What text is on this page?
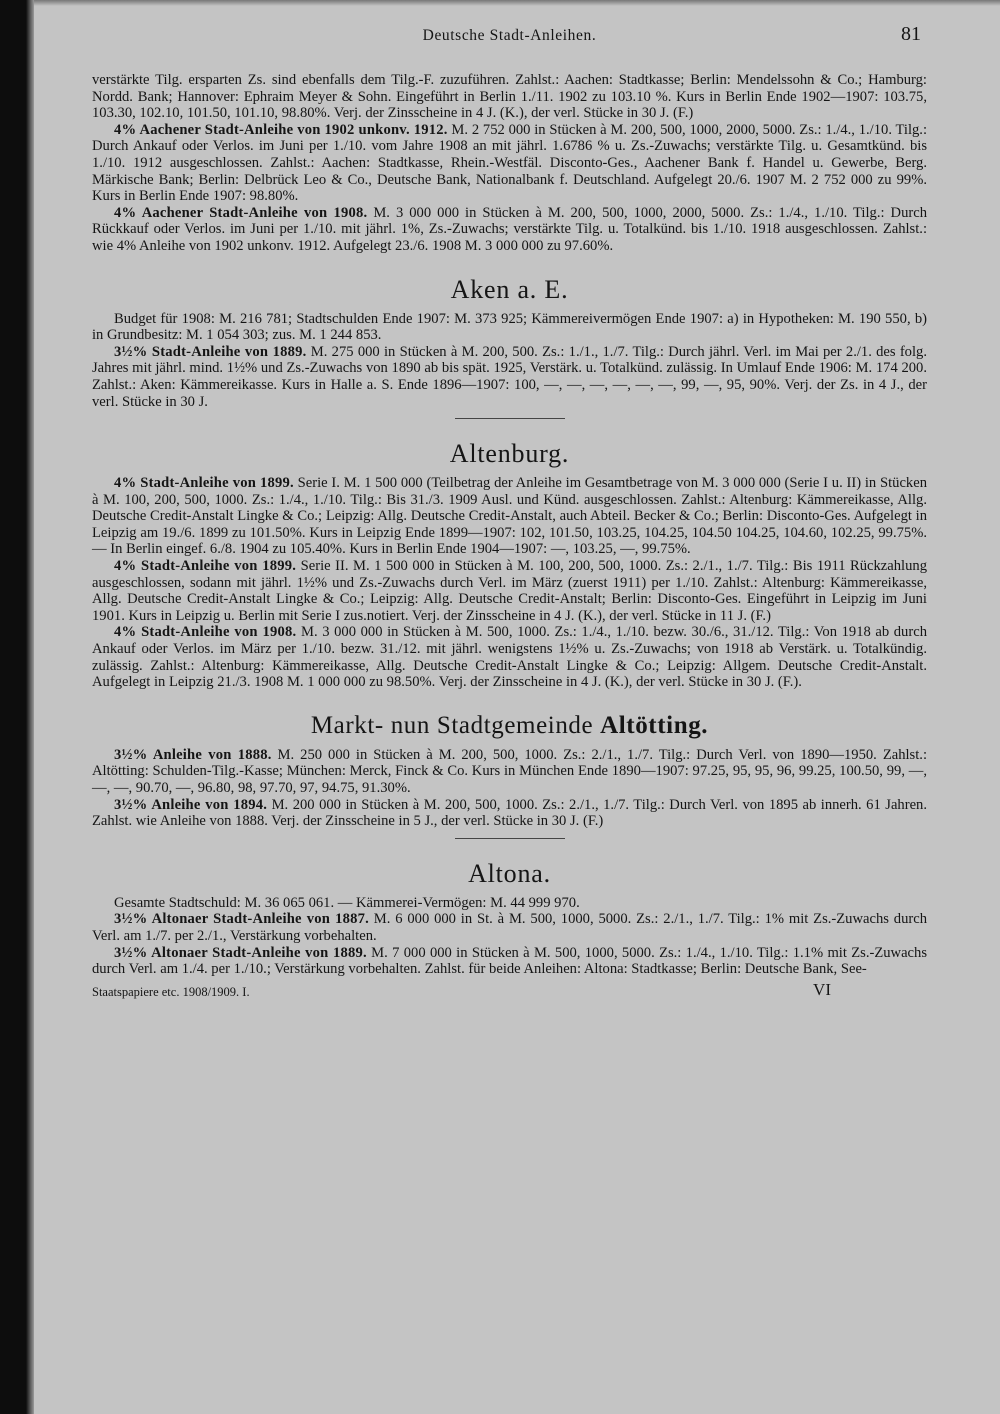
Deutsche Stadt-Anleihen.	81

verstärkte Tilg. ersparten Zs. sind ebenfalls dem Tilg.-F. zuzuführen. Zahlst.: Aachen: Stadtkasse; Berlin: Mendelssohn & Co.; Hamburg: Nordd. Bank; Hannover: Ephraim Meyer & Sohn. Eingeführt in Berlin 1./11. 1902 zu 103.10 %. Kurs in Berlin Ende 1902—1907: 103.75, 103.30, 102.10, 101.50, 101.10, 98.80%. Verj. der Zinsscheine in 4 J. (K.), der verl. Stücke in 30 J. (F.)

4% Aachener Stadt-Anleihe von 1902 unkonv. 1912. M. 2 752 000 in Stücken à M. 200, 500, 1000, 2000, 5000. Zs.: 1./4., 1./10. Tilg.: Durch Ankauf oder Verlos. im Juni per 1./10. vom Jahre 1908 an mit jährl. 1.6786 % u. Zs.-Zuwachs; verstärkte Tilg. u. Gesamtkünd. bis 1./10. 1912 ausgeschlossen. Zahlst.: Aachen: Stadtkasse, Rhein.-Westfäl. Disconto-Ges., Aachener Bank f. Handel u. Gewerbe, Berg. Märkische Bank; Berlin: Delbrück Leo & Co., Deutsche Bank, Nationalbank f. Deutschland. Aufgelegt 20./6. 1907 M. 2 752 000 zu 99%. Kurs in Berlin Ende 1907: 98.80%.

4% Aachener Stadt-Anleihe von 1908. M. 3 000 000 in Stücken à M. 200, 500, 1000, 2000, 5000. Zs.: 1./4., 1./10. Tilg.: Durch Rückkauf oder Verlos. im Juni per 1./10. mit jährl. 1%, Zs.-Zuwachs; verstärkte Tilg. u. Totalkünd. bis 1./10. 1918 ausgeschlossen. Zahlst.: wie 4% Anleihe von 1902 unkonv. 1912. Aufgelegt 23./6. 1908 M. 3 000 000 zu 97.60%.

Aken a. E.

Budget für 1908: M. 216 781; Stadtschulden Ende 1907: M. 373 925; Kämmereivermögen Ende 1907: a) in Hypotheken: M. 190 550, b) in Grundbesitz: M. 1 054 303; zus. M. 1 244 853.

3½% Stadt-Anleihe von 1889. M. 275 000 in Stücken à M. 200, 500. Zs.: 1./1., 1./7. Tilg.: Durch jährl. Verl. im Mai per 2./1. des folg. Jahres mit jährl. mind. 1½% und Zs.-Zuwachs von 1890 ab bis spät. 1925, Verstärk. u. Totalkünd. zulässig. In Umlauf Ende 1906: M. 174 200. Zahlst.: Aken: Kämmereikasse. Kurs in Halle a. S. Ende 1896—1907: 100, —, —, —, —, —, —, 99, —, 95, 90%. Verj. der Zs. in 4 J., der verl. Stücke in 30 J.

Altenburg.

4% Stadt-Anleihe von 1899. Serie I. M. 1 500 000 (Teilbetrag der Anleihe im Gesamtbetrage von M. 3 000 000 (Serie I u. II) in Stücken à M. 100, 200, 500, 1000. Zs.: 1./4., 1./10. Tilg.: Bis 31./3. 1909 Ausl. und Künd. ausgeschlossen. Zahlst.: Altenburg: Kämmereikasse, Allg. Deutsche Credit-Anstalt Lingke & Co.; Leipzig: Allg. Deutsche Credit-Anstalt, auch Abteil. Becker & Co.; Berlin: Disconto-Ges. Aufgelegt in Leipzig am 19./6. 1899 zu 101.50%. Kurs in Leipzig Ende 1899—1907: 102, 101.50, 103.25, 104.25, 104.50 104.25, 104.60, 102.25, 99.75%. — In Berlin eingef. 6./8. 1904 zu 105.40%. Kurs in Berlin Ende 1904—1907: —, 103.25, —, 99.75%.

4% Stadt-Anleihe von 1899. Serie II. M. 1 500 000 in Stücken à M. 100, 200, 500, 1000. Zs.: 2./1., 1./7. Tilg.: Bis 1911 Rückzahlung ausgeschlossen, sodann mit jährl. 1½% und Zs.-Zuwachs durch Verl. im März (zuerst 1911) per 1./10. Zahlst.: Altenburg: Kämmereikasse, Allg. Deutsche Credit-Anstalt Lingke & Co.; Leipzig: Allg. Deutsche Credit-Anstalt; Berlin: Disconto-Ges. Eingeführt in Leipzig im Juni 1901. Kurs in Leipzig u. Berlin mit Serie I zus.notiert. Verj. der Zinsscheine in 4 J. (K.), der verl. Stücke in 11 J. (F.)

4% Stadt-Anleihe von 1908. M. 3 000 000 in Stücken à M. 500, 1000. Zs.: 1./4., 1./10. bezw. 30./6., 31./12. Tilg.: Von 1918 ab durch Ankauf oder Verlos. im März per 1./10. bezw. 31./12. mit jährl. wenigstens 1½% u. Zs.-Zuwachs; von 1918 ab Verstärk. u. Totalkündig. zulässig. Zahlst.: Altenburg: Kämmereikasse, Allg. Deutsche Credit-Anstalt Lingke & Co.; Leipzig: Allgem. Deutsche Credit-Anstalt. Aufgelegt in Leipzig 21./3. 1908 M. 1 000 000 zu 98.50%. Verj. der Zinsscheine in 4 J. (K.), der verl. Stücke in 30 J. (F.).

Markt- nun Stadtgemeinde Altötting.

3½% Anleihe von 1888. M. 250 000 in Stücken à M. 200, 500, 1000. Zs.: 2./1., 1./7. Tilg.: Durch Verl. von 1890—1950. Zahlst.: Altötting: Schulden-Tilg.-Kasse; München: Merck, Finck & Co. Kurs in München Ende 1890—1907: 97.25, 95, 95, 96, 99.25, 100.50, 99, —, —, —, 90.70, —, 96.80, 98, 97.70, 97, 94.75, 91.30%.

3½% Anleihe von 1894. M. 200 000 in Stücken à M. 200, 500, 1000. Zs.: 2./1., 1./7. Tilg.: Durch Verl. von 1895 ab innerh. 61 Jahren. Zahlst. wie Anleihe von 1888. Verj. der Zinsscheine in 5 J., der verl. Stücke in 30 J. (F.)

Altona.

Gesamte Stadtschuld: M. 36 065 061. — Kämmerei-Vermögen: M. 44 999 970.

3½% Altonaer Stadt-Anleihe von 1887. M. 6 000 000 in St. à M. 500, 1000, 5000. Zs.: 2./1., 1./7. Tilg.: 1% mit Zs.-Zuwachs durch Verl. am 1./7. per 2./1., Verstärkung vorbehalten.

3½% Altonaer Stadt-Anleihe von 1889. M. 7 000 000 in Stücken à M. 500, 1000, 5000. Zs.: 1./4., 1./10. Tilg.: 1.1% mit Zs.-Zuwachs durch Verl. am 1./4. per 1./10.; Verstärkung vorbehalten. Zahlst. für beide Anleihen: Altona: Stadtkasse; Berlin: Deutsche Bank, See-

Staatspapiere etc. 1908/1909. I.	VI
